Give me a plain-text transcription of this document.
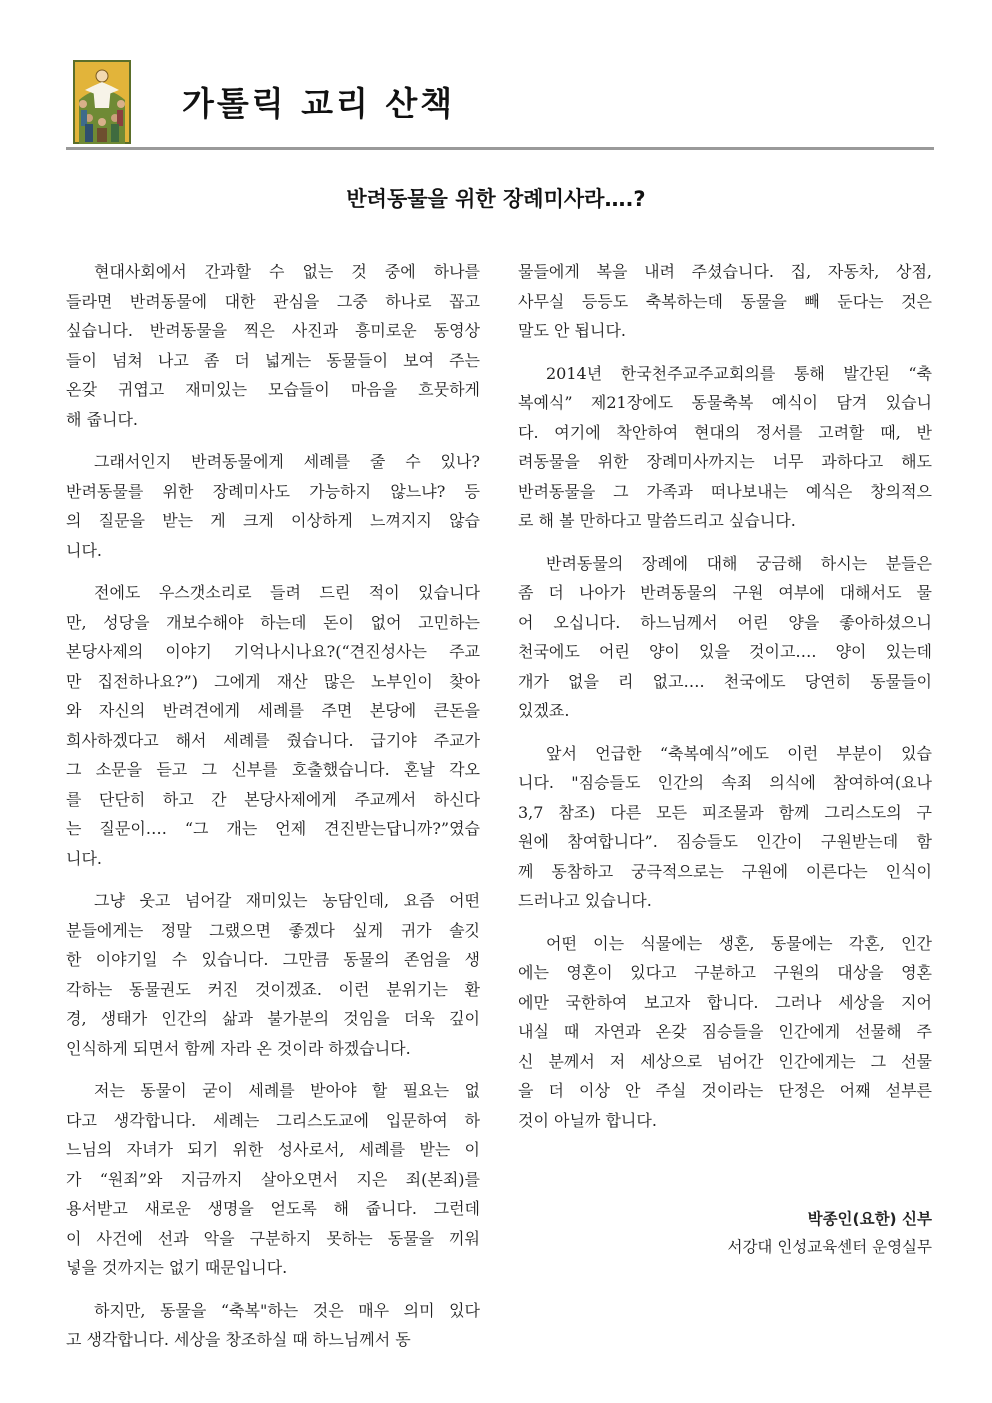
가톨릭 교리 산책
반려동물을 위한 장례미사라….?
현대사회에서 간과할 수 없는 것 중에 하나를
들라면 반려동물에 대한 관심을 그중 하나로 꼽고
싶습니다. 반려동물을 찍은 사진과 흥미로운 동영상
들이 넘쳐 나고 좀 더 넓게는 동물들이 보여 주는
온갖 귀엽고 재미있는 모습들이 마음을 흐뭇하게
해 줍니다.
그래서인지 반려동물에게 세례를 줄 수 있나?
반려동물를 위한 장례미사도 가능하지 않느냐? 등
의 질문을 받는 게 크게 이상하게 느껴지지 않습
니다.
전에도 우스갯소리로 들려 드린 적이 있습니다
만, 성당을 개보수해야 하는데 돈이 없어 고민하는
본당사제의 이야기 기억나시나요?(“견진성사는 주교
만 집전하나요?”) 그에게 재산 많은 노부인이 찾아
와 자신의 반려견에게 세례를 주면 본당에 큰돈을
희사하겠다고 해서 세례를 줬습니다. 급기야 주교가
그 소문을 듣고 그 신부를 호출했습니다. 혼날 각오
를 단단히 하고 간 본당사제에게 주교께서 하신다
는 질문이…. “그 개는 언제 견진받는답니까?”였습
니다.
그냥 웃고 넘어갈 재미있는 농담인데, 요즘 어떤
분들에게는 정말 그랬으면 좋겠다 싶게 귀가 솔깃
한 이야기일 수 있습니다. 그만큼 동물의 존엄을 생
각하는 동물권도 커진 것이겠죠. 이런 분위기는 환
경, 생태가 인간의 삶과 불가분의 것임을 더욱 깊이
인식하게 되면서 함께 자라 온 것이라 하겠습니다.
저는 동물이 굳이 세례를 받아야 할 필요는 없
다고 생각합니다. 세례는 그리스도교에 입문하여 하
느님의 자녀가 되기 위한 성사로서, 세례를 받는 이
가 “원죄”와 지금까지 살아오면서 지은 죄(본죄)를
용서받고 새로운 생명을 얻도록 해 줍니다. 그런데
이 사건에 선과 악을 구분하지 못하는 동물을 끼워
넣을 것까지는 없기 때문입니다.
하지만, 동물을 “축복"하는 것은 매우 의미 있다
고 생각합니다. 세상을 창조하실 때 하느님께서 동
물들에게 복을 내려 주셨습니다. 집, 자동차, 상점,
사무실 등등도 축복하는데 동물을 빼 둔다는 것은
말도 안 됩니다.
2014년 한국천주교주교회의를 통해 발간된 “축
복예식” 제21장에도 동물축복 예식이 담겨 있습니
다. 여기에 착안하여 현대의 정서를 고려할 때, 반
려동물을 위한 장례미사까지는 너무 과하다고 해도
반려동물을 그 가족과 떠나보내는 예식은 창의적으
로 해 볼 만하다고 말씀드리고 싶습니다.
반려동물의 장례에 대해 궁금해 하시는 분들은
좀 더 나아가 반려동물의 구원 여부에 대해서도 물
어 오십니다. 하느님께서 어린 양을 좋아하셨으니
천국에도 어린 양이 있을 것이고…. 양이 있는데
개가 없을 리 없고…. 천국에도 당연히 동물들이
있겠죠.
앞서 언급한 “축복예식”에도 이런 부분이 있습
니다. "짐승들도 인간의 속죄 의식에 참여하여(요나
3,7 참조) 다른 모든 피조물과 함께 그리스도의 구
원에 참여합니다”. 짐승들도 인간이 구원받는데 함
께 동참하고 궁극적으로는 구원에 이른다는 인식이
드러나고 있습니다.
어떤 이는 식물에는 생혼, 동물에는 각혼, 인간
에는 영혼이 있다고 구분하고 구원의 대상을 영혼
에만 국한하여 보고자 합니다. 그러나 세상을 지어
내실 때 자연과 온갖 짐승들을 인간에게 선물해 주
신 분께서 저 세상으로 넘어간 인간에게는 그 선물
을 더 이상 안 주실 것이라는 단정은 어째 섣부른
것이 아닐까 합니다.
박종인(요한) 신부
서강대 인성교육센터 운영실무
